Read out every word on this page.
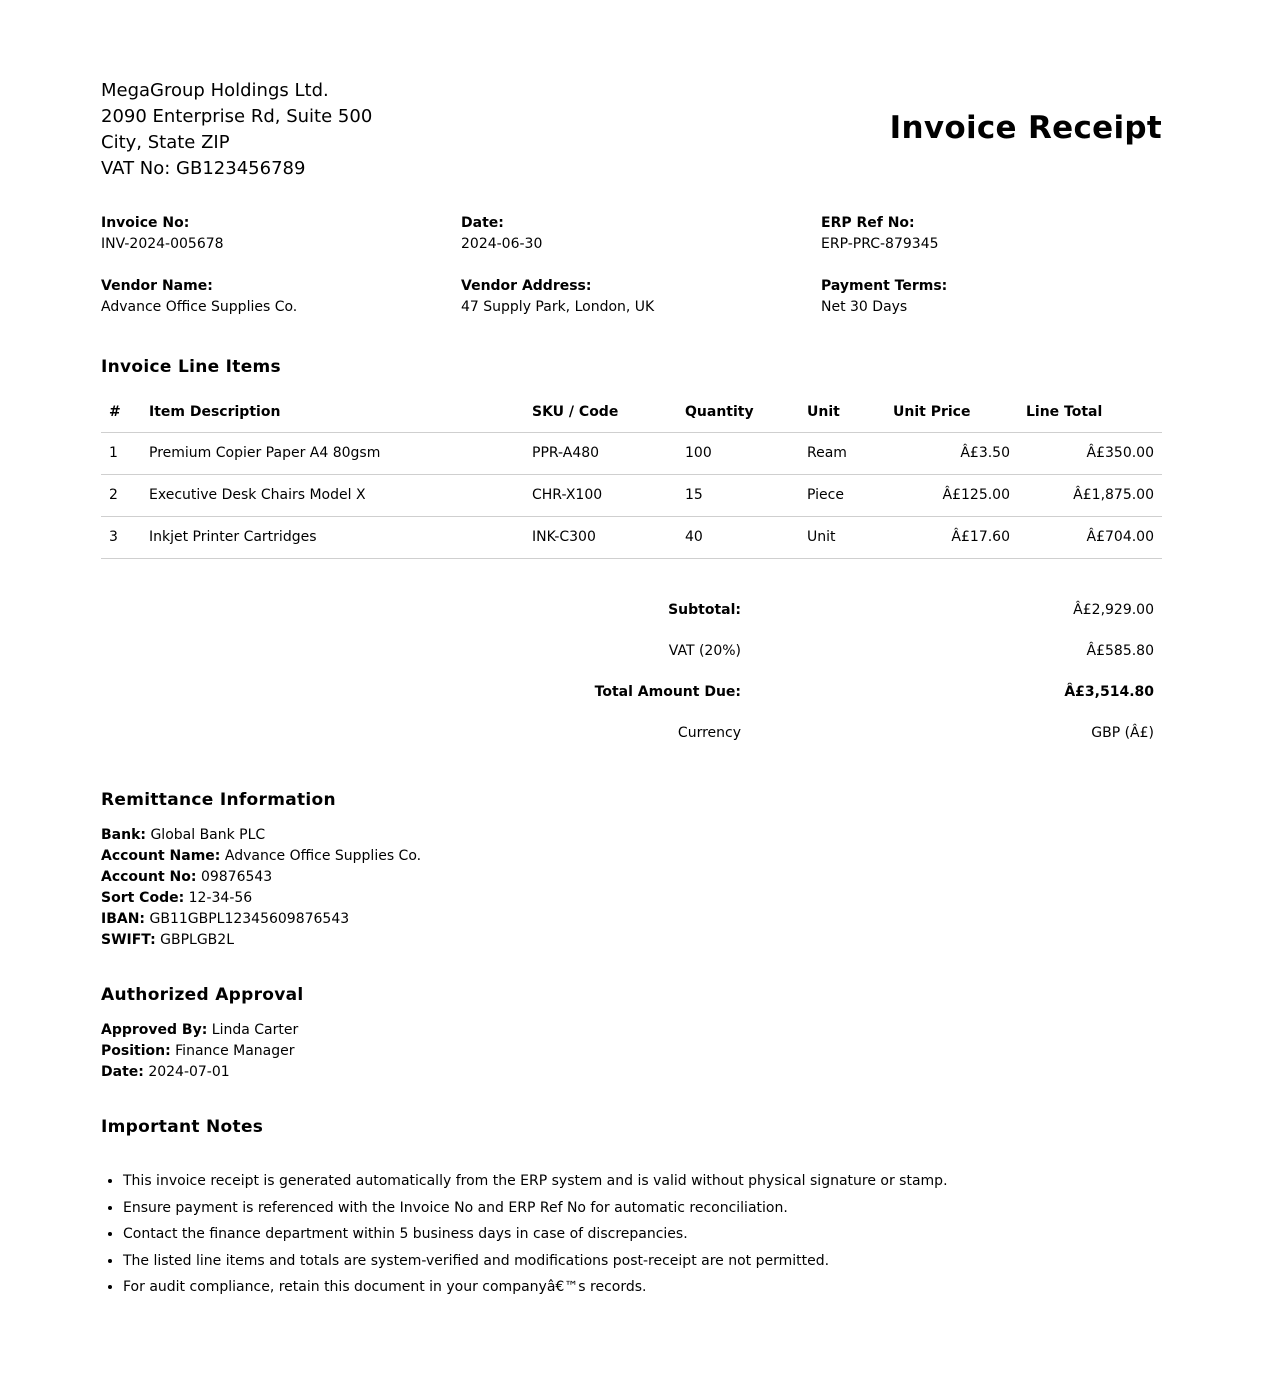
MegaGroup Holdings Ltd.
2090 Enterprise Rd, Suite 500
City, State ZIP
VAT No: GB123456789
Invoice Receipt
Invoice No:
INV-2024-005678
Date:
2024-06-30
ERP Ref No:
ERP-PRC-879345
Vendor Name:
Advance Office Supplies Co.
Vendor Address:
47 Supply Park, London, UK
Payment Terms:
Net 30 Days
Invoice Line Items
#	Item Description	SKU / Code	Quantity	Unit	Unit Price	Line Total
1	Premium Copier Paper A4 80gsm	PPR-A480	100	Ream	Â£3.50	Â£350.00
2	Executive Desk Chairs Model X	CHR-X100	15	Piece	Â£125.00	Â£1,875.00
3	Inkjet Printer Cartridges	INK-C300	40	Unit	Â£17.60	Â£704.00
Subtotal:	Â£2,929.00
VAT (20%)	Â£585.80
Total Amount Due:	Â£3,514.80
Currency	GBP (Â£)
Remittance Information
Bank: Global Bank PLC
Account Name: Advance Office Supplies Co.
Account No: 09876543
Sort Code: 12-34-56
IBAN: GB11GBPL12345609876543
SWIFT: GBPLGB2L
Authorized Approval
Approved By: Linda Carter
Position: Finance Manager
Date: 2024-07-01
Important Notes
• This invoice receipt is generated automatically from the ERP system and is valid without physical signature or stamp.
• Ensure payment is referenced with the Invoice No and ERP Ref No for automatic reconciliation.
• Contact the finance department within 5 business days in case of discrepancies.
• The listed line items and totals are system-verified and modifications post-receipt are not permitted.
• For audit compliance, retain this document in your companyâ€™s records.
